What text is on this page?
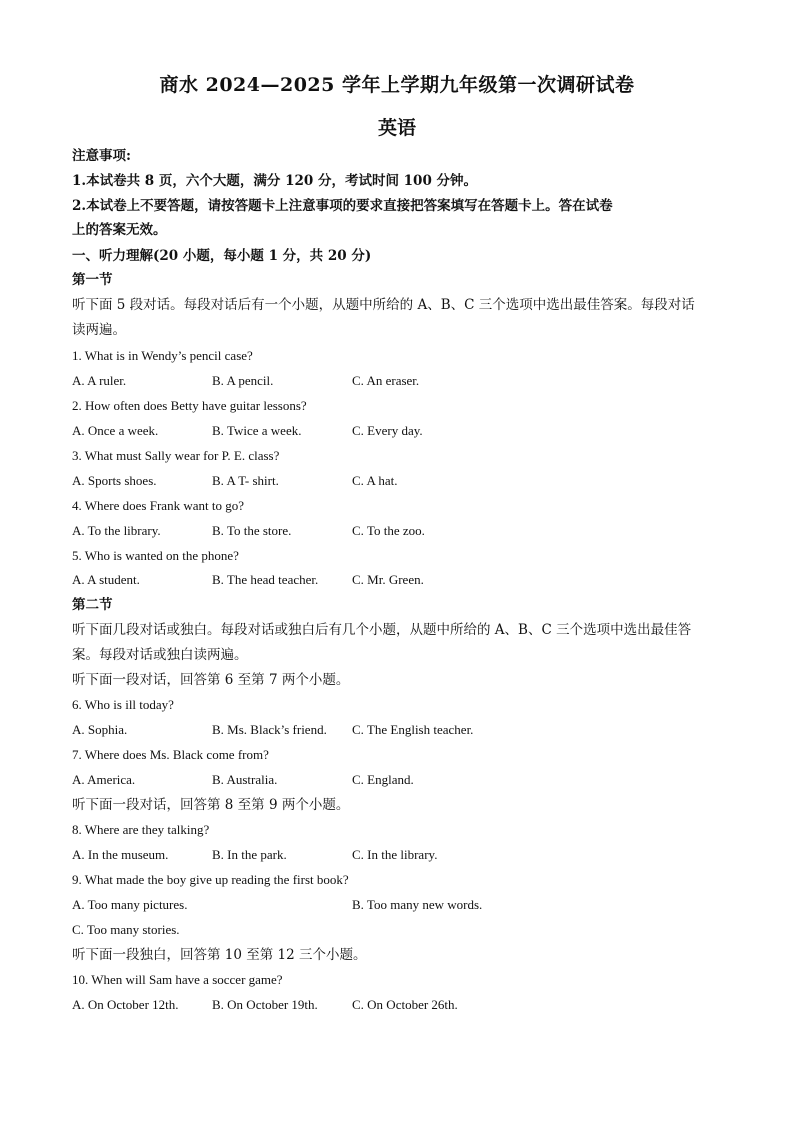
商水 2024—2025 学年上学期九年级第一次调研试卷
英语
注意事项:
1.本试卷共 8 页，六个大题，满分 120 分，考试时间 100 分钟。
2.本试卷上不要答题，请按答题卡上注意事项的要求直接把答案填写在答题卡上。答在试卷
上的答案无效。
一、听力理解(20 小题，每小题 1 分，共 20 分)
第一节
听下面 5 段对话。每段对话后有一个小题，从题中所给的 A、B、C 三个选项中选出最佳答案。每段对话
读两遍。
1. What is in Wendy’s pencil case?
A. A ruler.	B. A pencil.	C. An eraser.
2. How often does Betty have guitar lessons?
A. Once a week.	B. Twice a week.	C. Every day.
3. What must Sally wear for P. E. class?
A. Sports shoes.	B. A T- shirt.	C. A hat.
4. Where does Frank want to go?
A. To the library.	B. To the store.	C. To the zoo.
5. Who is wanted on the phone?
A. A student.	B. The head teacher.	C. Mr. Green.
第二节
听下面几段对话或独白。每段对话或独白后有几个小题，从题中所给的 A、B、C 三个选项中选出最佳答
案。每段对话或独白读两遍。
听下面一段对话，回答第 6 至第 7 两个小题。
6. Who is ill today?
A. Sophia.	B. Ms. Black’s friend. C. The English teacher.
7. Where does Ms. Black come from?
A. America.	B. Australia.	C. England.
听下面一段对话，回答第 8 至第 9 两个小题。
8. Where are they talking?
A. In the museum.	B. In the park.	C. In the library.
9. What made the boy give up reading the first book?
A. Too many pictures.	B. Too many new words.
C. Too many stories.
听下面一段独白，回答第 10 至第 12 三个小题。
10. When will Sam have a soccer game?
A. On October 12th.	B. On October 19th.	C. On October 26th.
